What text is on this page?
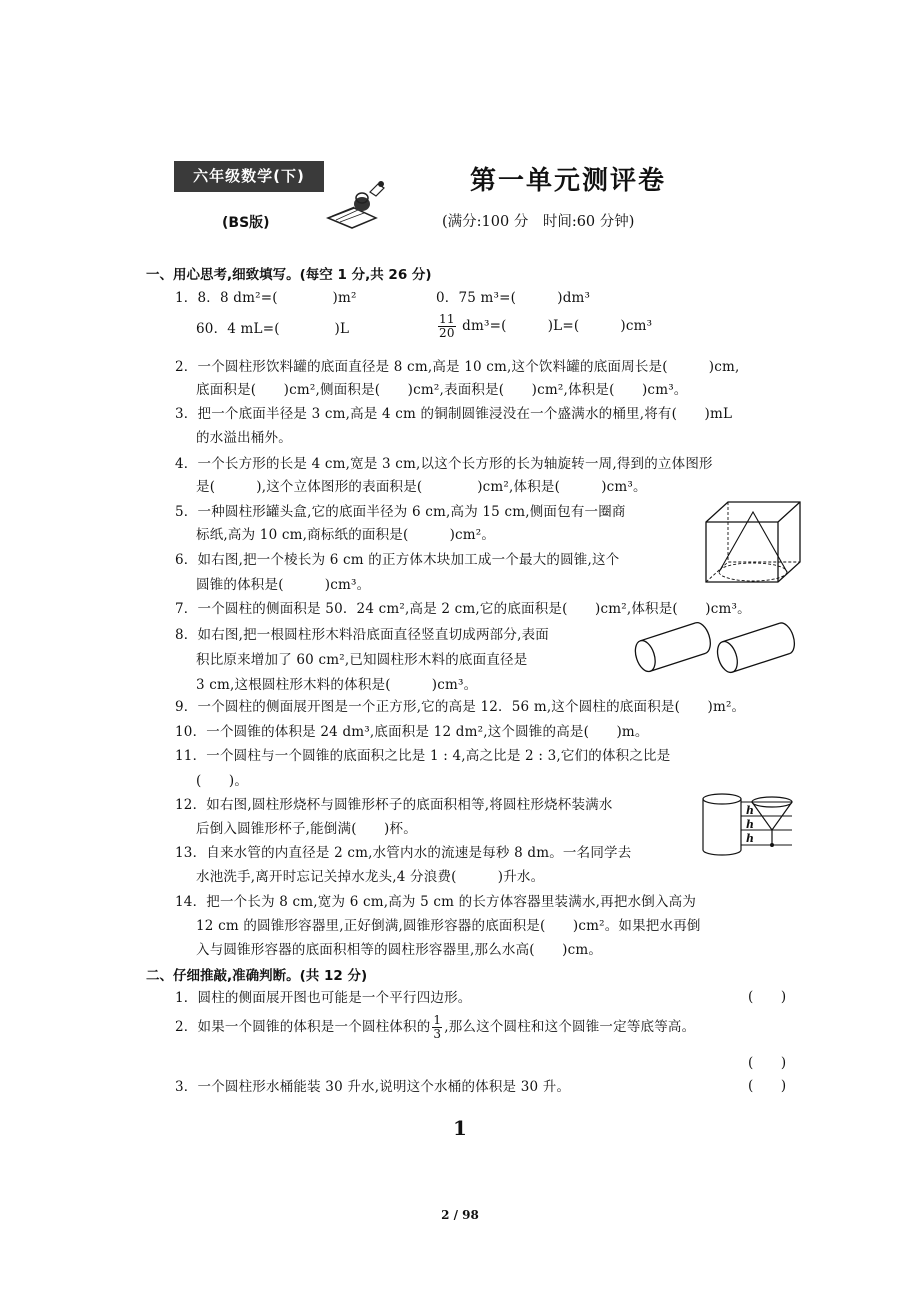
六年级数学(下)	第一单元测评卷
(BS版)	(满分:100 分　时间:60 分钟)
一、用心思考,细致填写。(每空 1 分,共 26 分)
1．8．8 dm²=(　　　　)m²	0．75 m³=(　　　)dm³
60．4 mL=(　　　　)L	$\frac{11}{20} dm^3=$(　　　)L=(　　　)cm³
2．一个圆柱形饮料罐的底面直径是 8 cm,高是 10 cm,这个饮料罐的底面周长是(　　　)cm,
底面积是(　　)cm²,侧面积是(　　)cm²,表面积是(　　)cm²,体积是(　　)cm³。
3．把一个底面半径是 3 cm,高是 4 cm 的铜制圆锥浸没在一个盛满水的桶里,将有(　　)mL
的水溢出桶外。
4．一个长方形的长是 4 cm,宽是 3 cm,以这个长方形的长为轴旋转一周,得到的立体图形
是(　　　),这个立体图形的表面积是(　　　　)cm²,体积是(　　　)cm³。
5．一种圆柱形罐头盒,它的底面半径为 6 cm,高为 15 cm,侧面包有一圈商
标纸,高为 10 cm,商标纸的面积是(　　　)cm²。
6．如右图,把一个棱长为 6 cm 的正方体木块加工成一个最大的圆锥,这个
圆锥的体积是(　　　)cm³。
7．一个圆柱的侧面积是 50．24 cm²,高是 2 cm,它的底面积是(　　)cm²,体积是(　　)cm³。
8．如右图,把一根圆柱形木料沿底面直径竖直切成两部分,表面
积比原来增加了 60 cm²,已知圆柱形木料的底面直径是
3 cm,这根圆柱形木料的体积是(　　　)cm³。
9．一个圆柱的侧面展开图是一个正方形,它的高是 12．56 m,这个圆柱的底面积是(　　)m²。
10．一个圆锥的体积是 24 dm³,底面积是 12 dm²,这个圆锥的高是(　　)m。
11．一个圆柱与一个圆锥的底面积之比是 1 : 4,高之比是 2 : 3,它们的体积之比是
(　　)。
12．如右图,圆柱形烧杯与圆锥形杯子的底面积相等,将圆柱形烧杯装满水
后倒入圆锥形杯子,能倒满(　　)杯。
h
h
h
13．自来水管的内直径是 2 cm,水管内水的流速是每秒 8 dm。一名同学去
水池洗手,离开时忘记关掉水龙头,4 分浪费(　　　)升水。
14．把一个长为 8 cm,宽为 6 cm,高为 5 cm 的长方体容器里装满水,再把水倒入高为
12 cm 的圆锥形容器里,正好倒满,圆锥形容器的底面积是(　　)cm²。如果把水再倒
入与圆锥形容器的底面积相等的圆柱形容器里,那么水高(　　)cm。
二、仔细推敲,准确判断。(共 12 分)
1．圆柱的侧面展开图也可能是一个平行四边形。	(　　)
2．如果一个圆锥的体积是一个圆柱体积的 $\frac{1}{3}$ ,那么这个圆柱和这个圆锥一定等底等高。
(　　)
3．一个圆柱形水桶能装 30 升水,说明这个水桶的体积是 30 升。	(　　)
1
2 / 98
